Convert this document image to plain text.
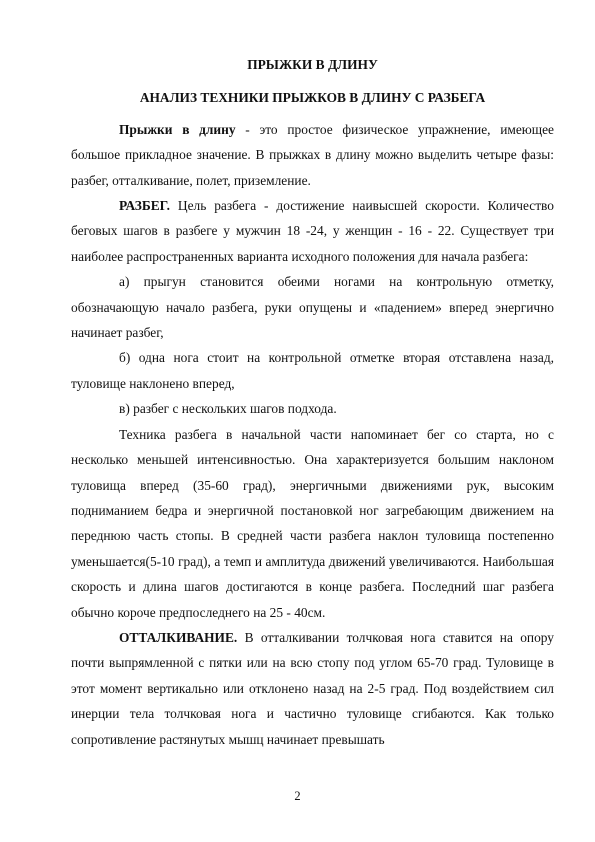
ПРЫЖКИ В ДЛИНУ

АНАЛИЗ ТЕХНИКИ ПРЫЖКОВ В ДЛИНУ С РАЗБЕГА

Прыжки в длину - это простое физическое упражнение, имеющее большое прикладное значение. В прыжках в длину можно выделить четыре фазы: разбег, отталкивание, полет, приземление.

РАЗБЕГ. Цель разбега - достижение наивысшей скорости. Количество беговых шагов в разбеге у мужчин 18 -24, у женщин - 16 - 22. Существует три наиболее распространенных варианта исходного положения для начала разбега:

а) прыгун становится обеими ногами на контрольную отметку, обозначающую начало разбега, руки опущены и «падением» вперед энергично начинает разбег,

б) одна нога стоит на контрольной отметке вторая отставлена назад, туловище наклонено вперед,

в) разбег с нескольких шагов подхода.

Техника разбега в начальной части напоминает бег со старта, но с несколько меньшей интенсивностью. Она характеризуется большим наклоном туловища вперед (35-60 град), энергичными движениями рук, высоким подниманием бедра и энергичной постановкой ног загребающим движением на переднюю часть стопы. В средней части разбега наклон туловища постепенно уменьшается(5-10 град), а темп и амплитуда движений увеличиваются. Наибольшая скорость и длина шагов достигаются в конце разбега. Последний шаг разбега обычно короче предпоследнего на 25 - 40см.

ОТТАЛКИВАНИЕ. В отталкивании толчковая нога ставится на опору почти выпрямленной с пятки или на всю стопу под углом 65-70 град. Туловище в этот момент вертикально или отклонено назад на 2-5 град. Под воздействием сил инерции тела толчковая нога и частично туловище сгибаются. Как только сопротивление растянутых мышц начинает превышать

2
